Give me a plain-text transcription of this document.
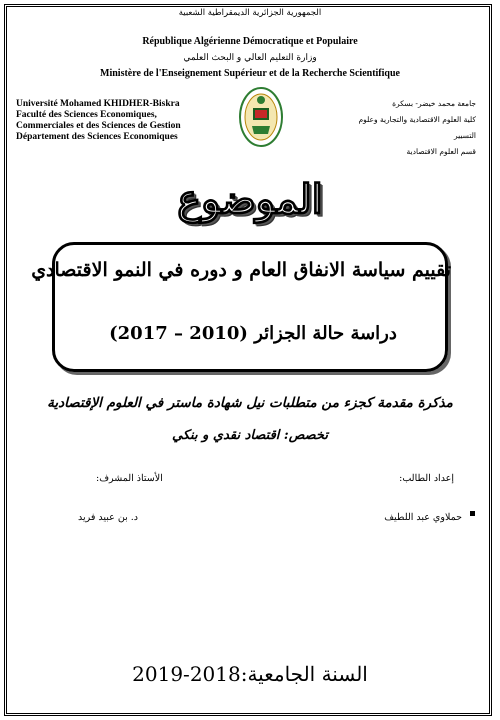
الجمهورية الجزائرية الديمقراطية الشعبية
République Algérienne Démocratique et Populaire
وزارة التعليم العالي و البحث العلمي
Ministère de l'Enseignement Supérieur et de la Recherche Scientifique
Université Mohamed KHIDHER-Biskra
Faculté des Sciences Economiques,
Commerciales et des Sciences de Gestion
Département des Sciences Economiques
جامعة محمد خيضر- بسكرة
كلية العلوم الاقتصادية والتجارية وعلوم التسيير
قسم العلوم الاقتصادية
الموضوع
تقييم سياسة الانفاق العام و دوره في النمو الاقتصادي
دراسة حالة الجزائر (2010 – 2017)
مذكرة مقدمة كجزء من متطلبات نيل شهادة ماستر في العلوم الإقتصادية
تخصص: اقتصاد نقدي و بنكي
إعداد الطالب:
الأستاذ المشرف:
حملاوي عبد اللطيف
د. بن عبيد فريد
السنة الجامعية:2018-2019
